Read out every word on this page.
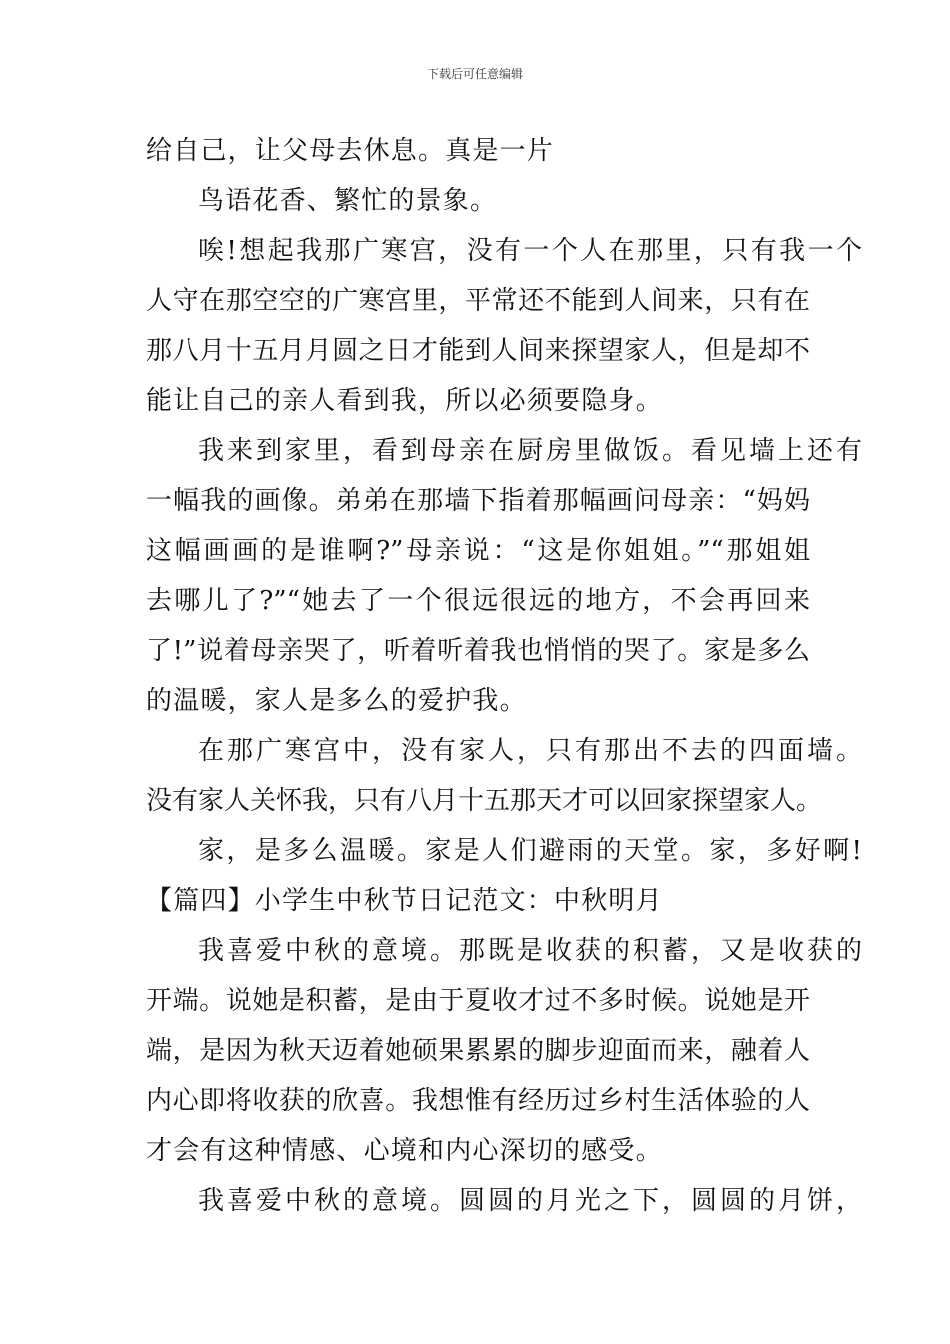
下载后可任意编辑
给自己，让父母去休息。真是一片
鸟语花香、繁忙的景象。
唉!想起我那广寒宫，没有一个人在那里，只有我一个
人守在那空空的广寒宫里，平常还不能到人间来，只有在
那八月十五月月圆之日才能到人间来探望家人，但是却不
能让自己的亲人看到我，所以必须要隐身。
我来到家里，看到母亲在厨房里做饭。看见墙上还有
一幅我的画像。弟弟在那墙下指着那幅画问母亲：“妈妈
这幅画画的是谁啊?”母亲说：“这是你姐姐。”“那姐姐
去哪儿了?”“她去了一个很远很远的地方，不会再回来
了!”说着母亲哭了，听着听着我也悄悄的哭了。家是多么
的温暖，家人是多么的爱护我。
在那广寒宫中，没有家人，只有那出不去的四面墙。
没有家人关怀我，只有八月十五那天才可以回家探望家人。
家，是多么温暖。家是人们避雨的天堂。家，多好啊!
【篇四】小学生中秋节日记范文：中秋明月
我喜爱中秋的意境。那既是收获的积蓄，又是收获的
开端。说她是积蓄，是由于夏收才过不多时候。说她是开
端，是因为秋天迈着她硕果累累的脚步迎面而来，融着人
内心即将收获的欣喜。我想惟有经历过乡村生活体验的人
才会有这种情感、心境和内心深切的感受。
我喜爱中秋的意境。圆圆的月光之下，圆圆的月饼，
